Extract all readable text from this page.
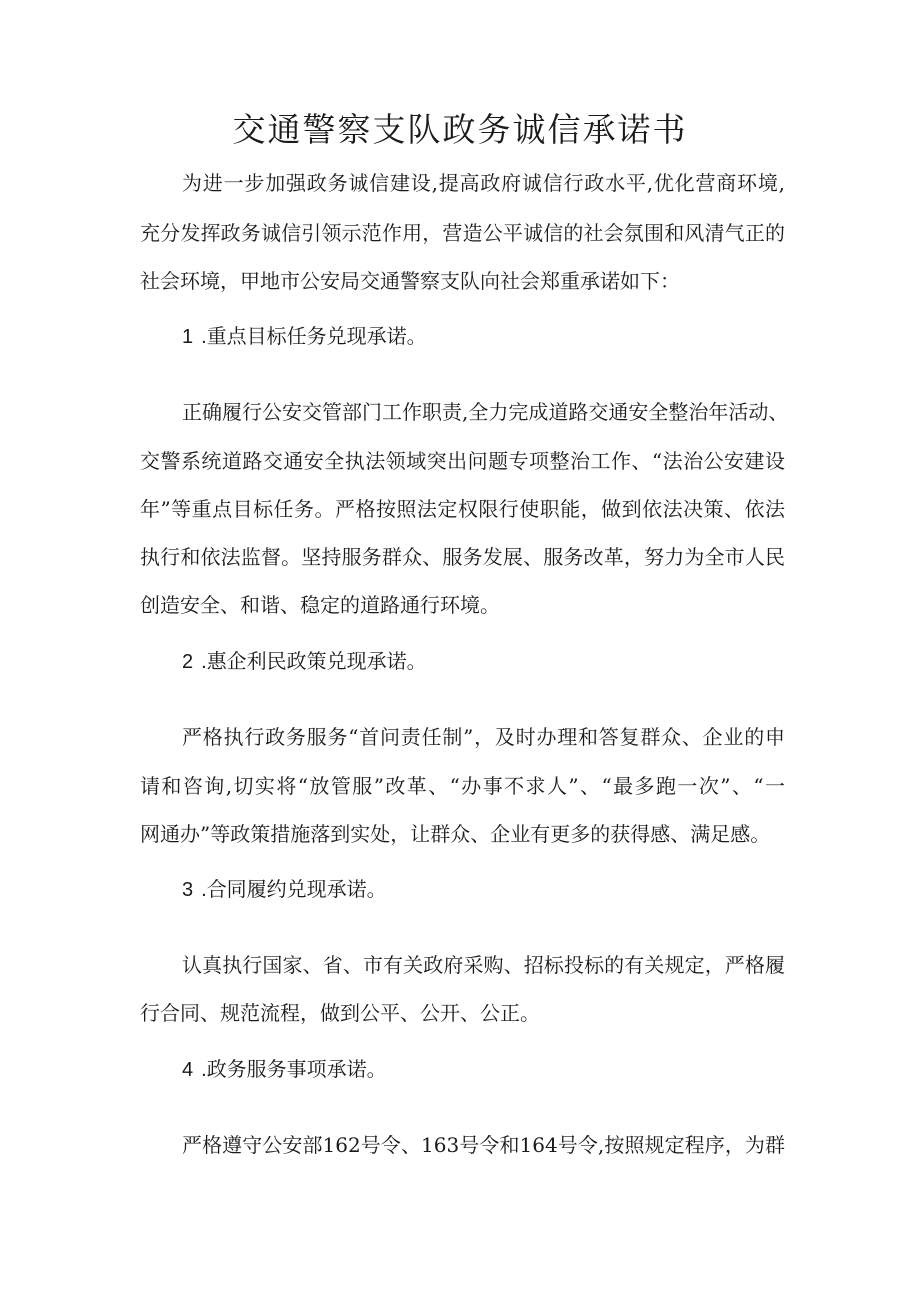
交通警察支队政务诚信承诺书

为进一步加强政务诚信建设,提高政府诚信行政水平,优化营商环境,

充分发挥政务诚信引领示范作用，营造公平诚信的社会氛围和风清气正的

社会环境，甲地市公安局交通警察支队向社会郑重承诺如下：

1 .重点目标任务兑现承诺。

正确履行公安交管部门工作职责,全力完成道路交通安全整治年活动、

交警系统道路交通安全执法领域突出问题专项整治工作、“法治公安建设

年”等重点目标任务。严格按照法定权限行使职能，做到依法决策、依法

执行和依法监督。坚持服务群众、服务发展、服务改革，努力为全市人民

创造安全、和谐、稳定的道路通行环境。

2 .惠企利民政策兑现承诺。

严格执行政务服务“首问责任制”，及时办理和答复群众、企业的申

请和咨询,切实将“放管服”改革、“办事不求人”、“最多跑一次”、“一

网通办”等政策措施落到实处，让群众、企业有更多的获得感、满足感。

3 .合同履约兑现承诺。

认真执行国家、省、市有关政府采购、招标投标的有关规定，严格履

行合同、规范流程，做到公平、公开、公正。

4 .政务服务事项承诺。

严格遵守公安部162号令、163号令和164号令,按照规定程序，为群
